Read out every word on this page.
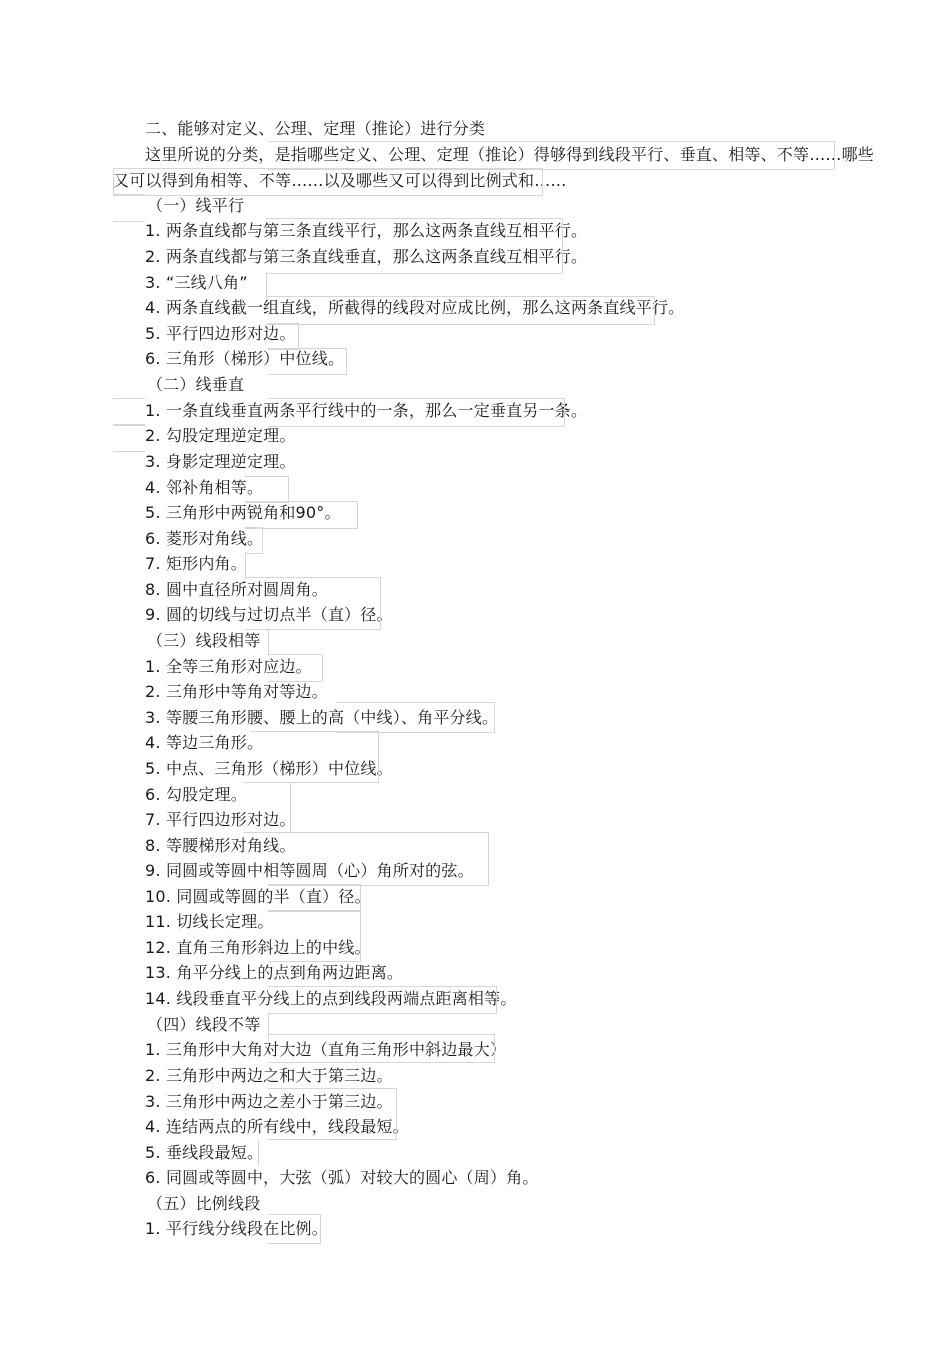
二、能够对定义、公理、定理（推论）进行分类
这里所说的分类，是指哪些定义、公理、定理（推论）得够得到线段平行、垂直、相等、不等……哪些
又可以得到角相等、不等……以及哪些又可以得到比例式和……
（一）线平行
1. 两条直线都与第三条直线平行，那么这两条直线互相平行。
2. 两条直线都与第三条直线垂直，那么这两条直线互相平行。
3. “三线八角”
4. 两条直线截一组直线，所截得的线段对应成比例，那么这两条直线平行。
5. 平行四边形对边。
6. 三角形（梯形）中位线。
（二）线垂直
1. 一条直线垂直两条平行线中的一条，那么一定垂直另一条。
2. 勾股定理逆定理。
3. 身影定理逆定理。
4. 邻补角相等。
5. 三角形中两锐角和90°。
6. 菱形对角线。
7. 矩形内角。
8. 圆中直径所对圆周角。
9. 圆的切线与过切点半（直）径。
（三）线段相等
1. 全等三角形对应边。
2. 三角形中等角对等边。
3. 等腰三角形腰、腰上的高（中线）、角平分线。
4. 等边三角形。
5. 中点、三角形（梯形）中位线。
6. 勾股定理。
7. 平行四边形对边。
8. 等腰梯形对角线。
9. 同圆或等圆中相等圆周（心）角所对的弦。
10. 同圆或等圆的半（直）径。
11. 切线长定理。
12. 直角三角形斜边上的中线。
13. 角平分线上的点到角两边距离。
14. 线段垂直平分线上的点到线段两端点距离相等。
（四）线段不等
1. 三角形中大角对大边（直角三角形中斜边最大）
2. 三角形中两边之和大于第三边。
3. 三角形中两边之差小于第三边。
4. 连结两点的所有线中，线段最短。
5. 垂线段最短。
6. 同圆或等圆中，大弦（弧）对较大的圆心（周）角。
（五）比例线段
1. 平行线分线段在比例。
